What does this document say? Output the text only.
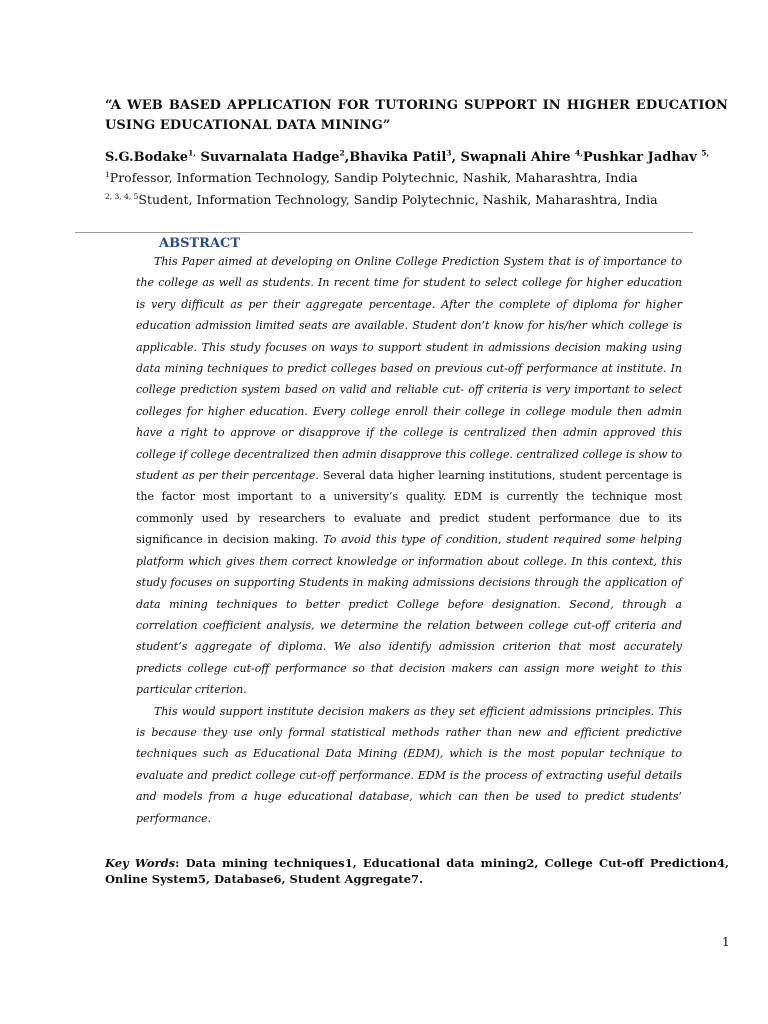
“A WEB BASED APPLICATION FOR TUTORING SUPPORT IN HIGHER EDUCATION USING EDUCATIONAL DATA MINING”
S.G.Bodake$^{1,}$ Suvarnalata Hadge$^2$,Bhavika Patil$^3$, Swapnali Ahire $^{4,}$Pushkar Jadhav $^{5,}$
$^1$Professor, Information Technology, Sandip Polytechnic, Nashik, Maharashtra, India
$^{2, 3, 4, 5}$Student, Information Technology, Sandip Polytechnic, Nashik, Maharashtra, India
ABSTRACT

This Paper aimed at developing on Online College Prediction System that is of importance to the college as well as students. In recent time for student to select college for higher education is very difficult as per their aggregate percentage. After the complete of diploma for higher education admission limited seats are available. Student don’t know for his/her which college is applicable. This study focuses on ways to support student in admissions decision making using data mining techniques to predict colleges based on previous cut-off performance at institute. In college prediction system based on valid and reliable cut- off criteria is very important to select colleges for higher education. Every college enroll their college in college module then admin have a right to approve or disapprove if the college is centralized then admin approved this college if college decentralized then admin disapprove this college. centralized college is show to student as per their percentage. Several data higher learning institutions, student percentage is the factor most important to a university’s quality. EDM is currently the technique most commonly used by researchers to evaluate and predict student performance due to its significance in decision making. To avoid this type of condition, student required some helping platform which gives them correct knowledge or information about college. In this context, this study focuses on supporting Students in making admissions decisions through the application of data mining techniques to better predict College before designation. Second, through a correlation coefficient analysis, we determine the relation between college cut-off criteria and student’s aggregate of diploma. We also identify admission criterion that most accurately predicts college cut-off performance so that decision makers can assign more weight to this particular criterion.

This would support institute decision makers as they set efficient admissions principles. This is because they use only formal statistical methods rather than new and efficient predictive techniques such as Educational Data Mining (EDM), which is the most popular technique to evaluate and predict college cut-off performance. EDM is the process of extracting useful details and models from a huge educational database, which can then be used to predict students’ performance.

Key Words: Data mining techniques1, Educational data mining2, College Cut-off Prediction4, Online System5, Database6, Student Aggregate7.
1
